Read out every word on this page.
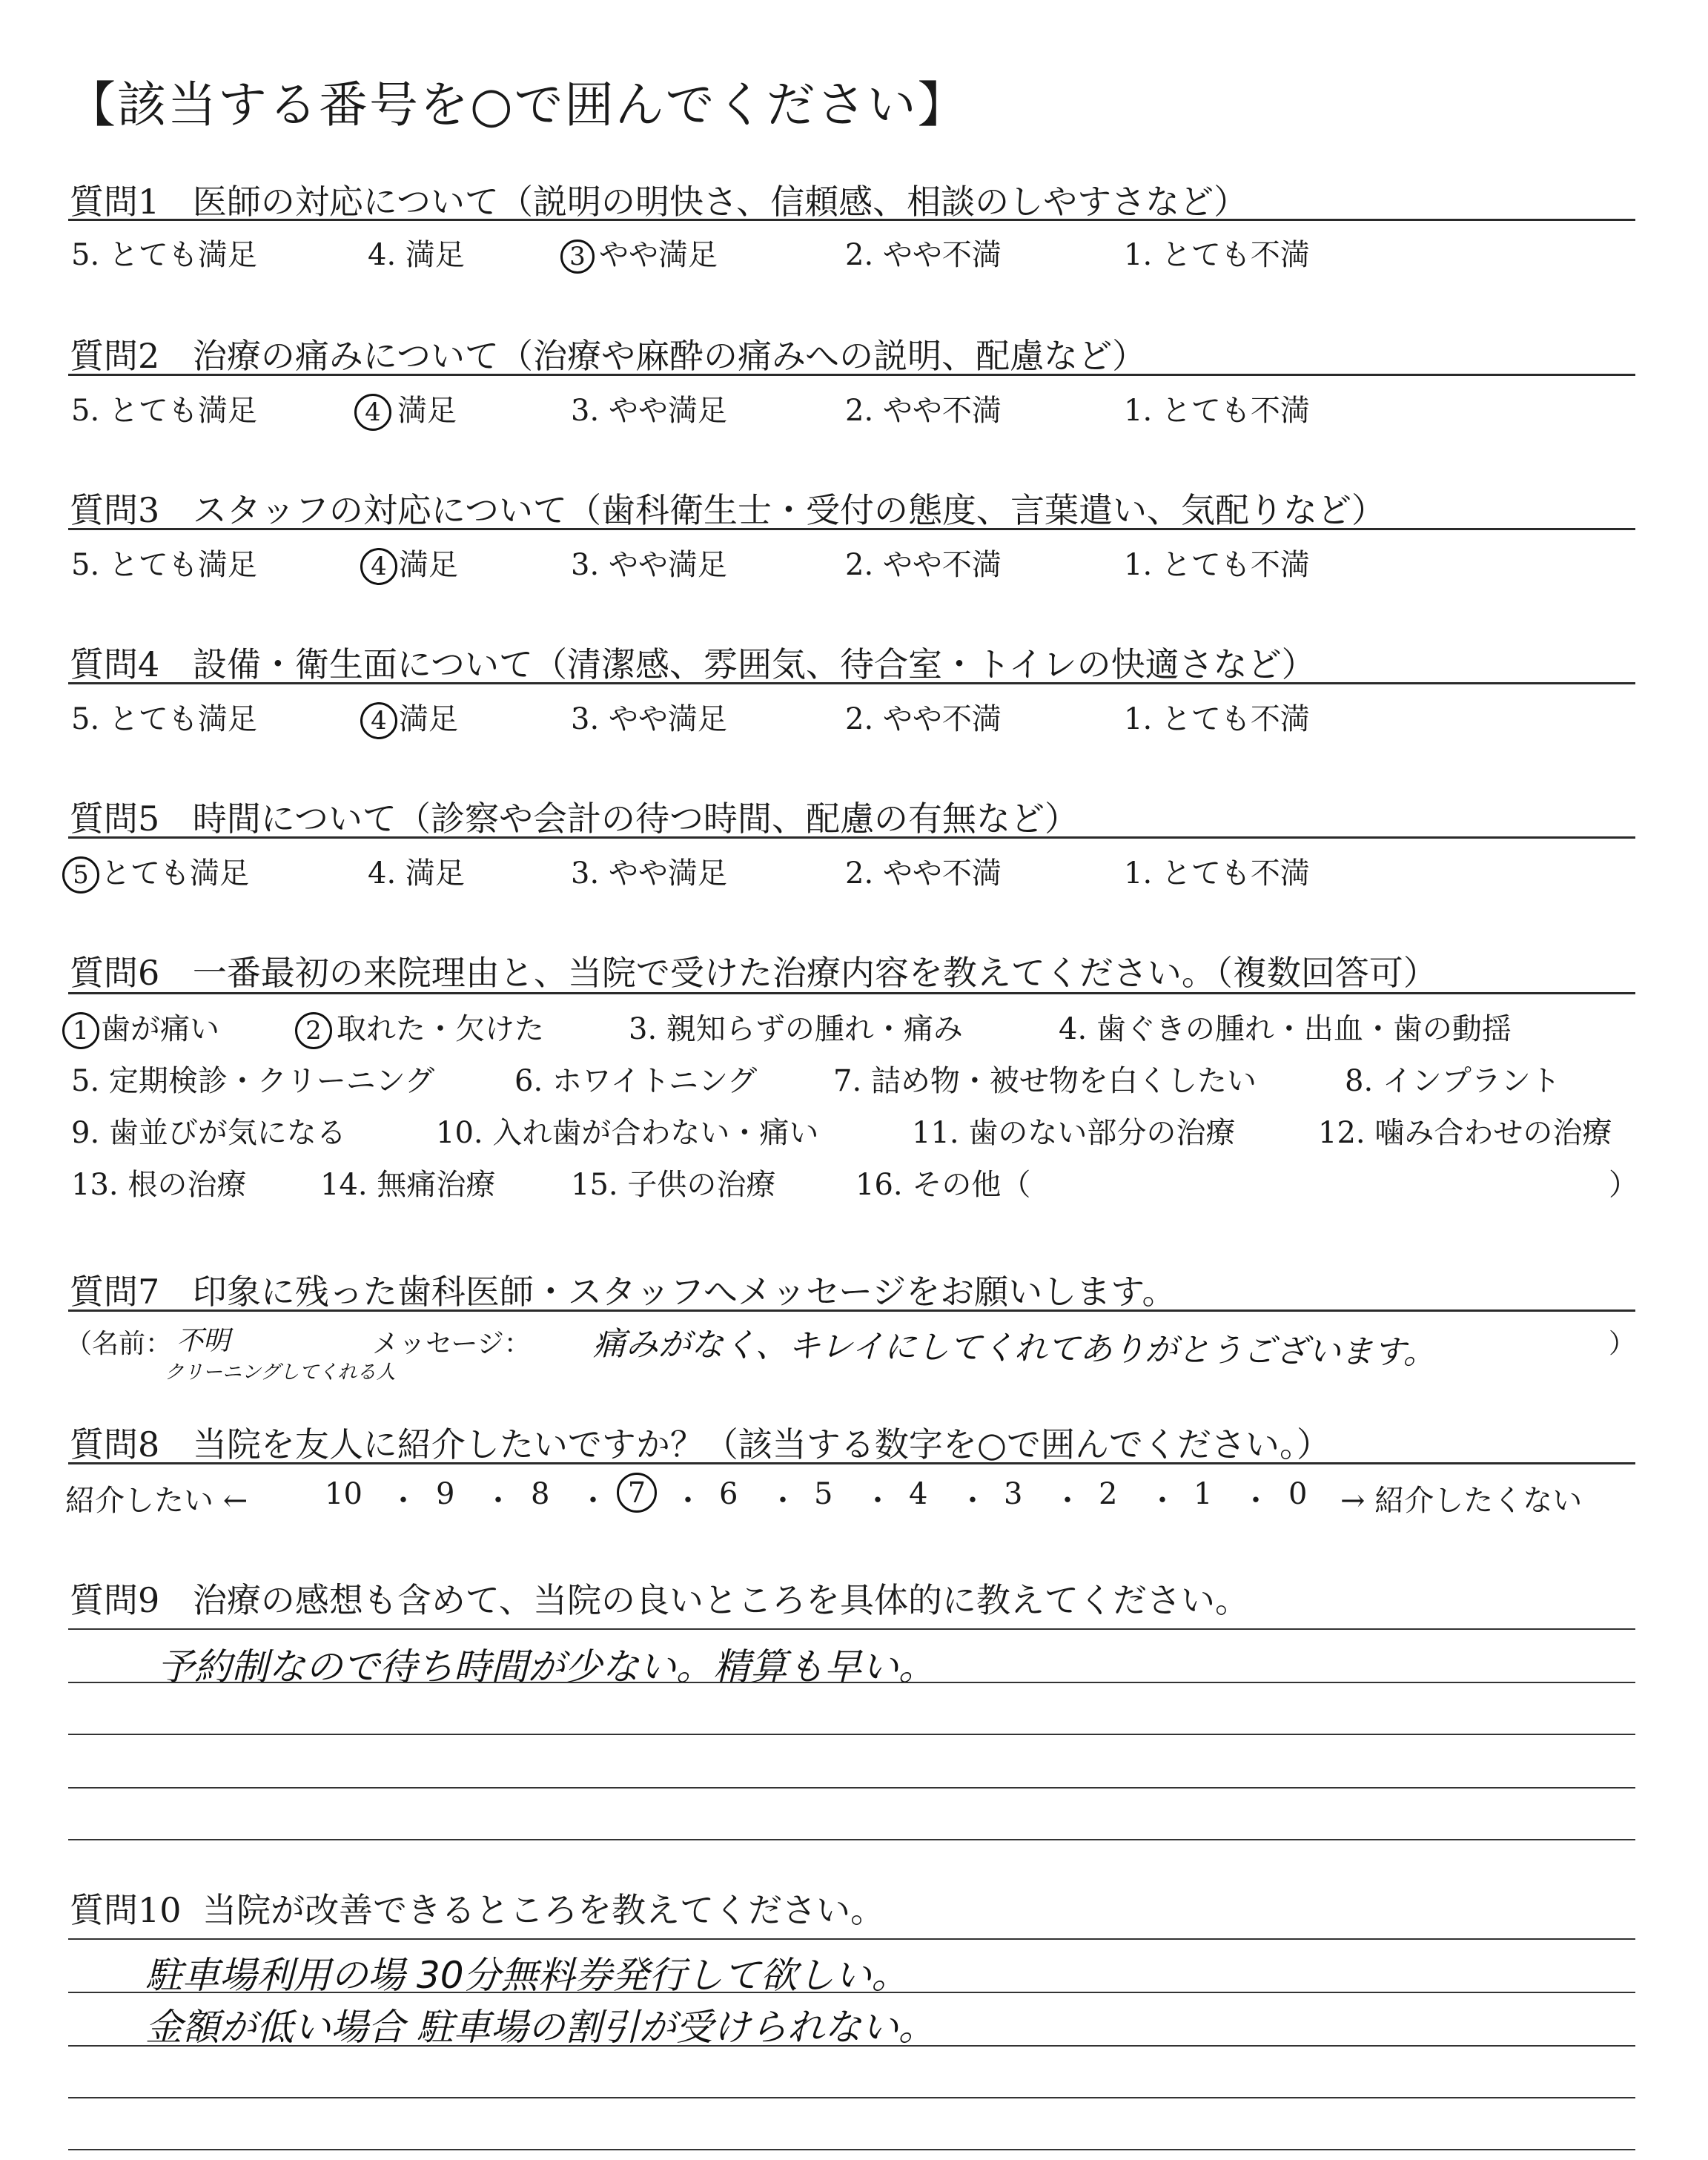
【該当する番号を○で囲んでください】
質問1 医師の対応について（説明の明快さ、信頼感、相談のしやすさなど）
5. とても満足	4. 満足	3 やや満足	2. やや不満	1. とても不満
質問2 治療の痛みについて（治療や麻酔の痛みへの説明、配慮など）
5. とても満足	4 満足	3. やや満足	2. やや不満	1. とても不満
質問3 スタッフの対応について（歯科衛生士・受付の態度、言葉遣い、気配りなど）
5. とても満足	4 満足	3. やや満足	2. やや不満	1. とても不満
質問4 設備・衛生面について（清潔感、雰囲気、待合室・トイレの快適さなど）
5. とても満足	4 満足	3. やや満足	2. やや不満	1. とても不満
質問5 時間について（診察や会計の待つ時間、配慮の有無など）
5 とても満足	4. 満足	3. やや満足	2. やや不満	1. とても不満
質問6 一番最初の来院理由と、当院で受けた治療内容を教えてください。（複数回答可）
1 歯が痛い	2 取れた・欠けた	3. 親知らずの腫れ・痛み	4. 歯ぐきの腫れ・出血・歯の動揺
5. 定期検診・クリーニング	6. ホワイトニング	7. 詰め物・被せ物を白くしたい	8. インプラント
9. 歯並びが気になる	10. 入れ歯が合わない・痛い	11. 歯のない部分の治療	12. 噛み合わせの治療
13. 根の治療 14. 無痛治療	15. 子供の治療	16. その他（	）
質問7 印象に残った歯科医師・スタッフへメッセージをお願いします。
（名前： 不明
クリーニングしてくれる人
メッセージ： 痛みがなく、キレイにしてくれてありがとうございます。	）
質問8 当院を友人に紹介したいですか？（該当する数字を○で囲んでください。）
紹介したい ←	10 ・ 9 ・ 8 ・ 7 ・ 6 ・ 5 ・ 4 ・ 3 ・ 2 ・ 1 ・ 0 → 紹介したくない
質問9 治療の感想も含めて、当院の良いところを具体的に教えてください。
予約制なので待ち時間が少ない。精算も早い。
質問10 当院が改善できるところを教えてください。
駐車場利用の場 30分無料券発行して欲しい。
金額が低い場合 駐車場の割引が受けられない。
